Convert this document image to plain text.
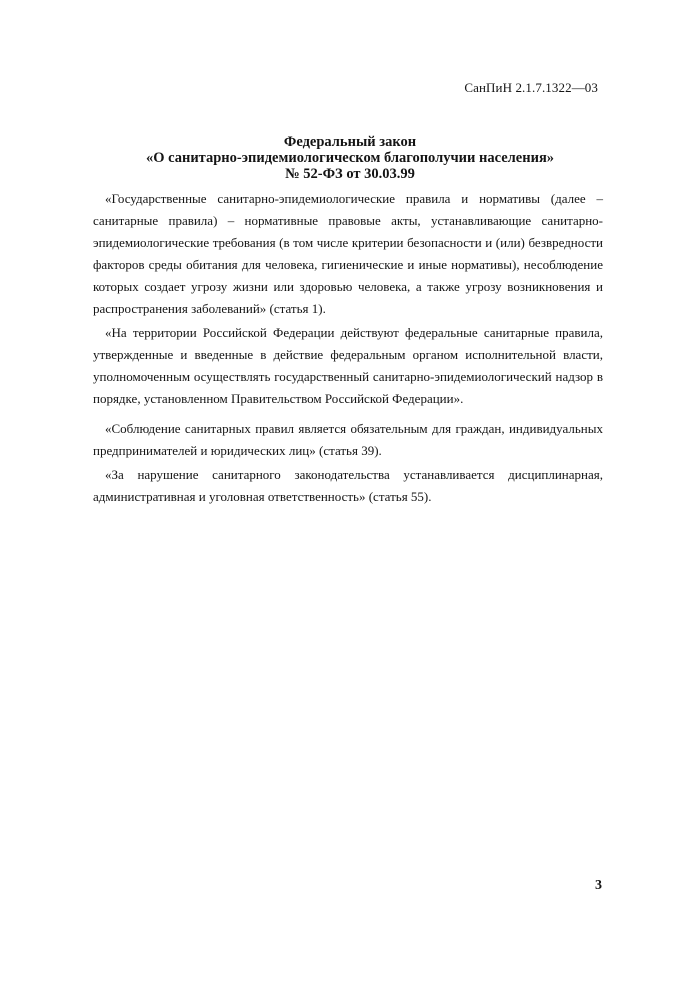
СанПиН 2.1.7.1322—03
Федеральный закон
«О санитарно-эпидемиологическом благополучии населения»
№ 52-ФЗ от 30.03.99

«Государственные санитарно-эпидемиологические правила и нормативы (далее – санитарные правила) – нормативные правовые акты, устанавливающие санитарно-эпидемиологические требования (в том числе критерии безопасности и (или) безвредности факторов среды обитания для человека, гигиенические и иные нормативы), несоблюдение которых создает угрозу жизни или здоровью человека, а также угрозу возникновения и распространения заболеваний» (статья 1).

«На территории Российской Федерации действуют федеральные санитарные правила, утвержденные и введенные в действие федеральным органом исполнительной власти, уполномоченным осуществлять государственный санитарно-эпидемиологический надзор в порядке, установленном Правительством Российской Федерации».

«Соблюдение санитарных правил является обязательным для граждан, индивидуальных предпринимателей и юридических лиц» (статья 39).

«За нарушение санитарного законодательства устанавливается дисциплинарная, административная и уголовная ответственность» (статья 55).

3
